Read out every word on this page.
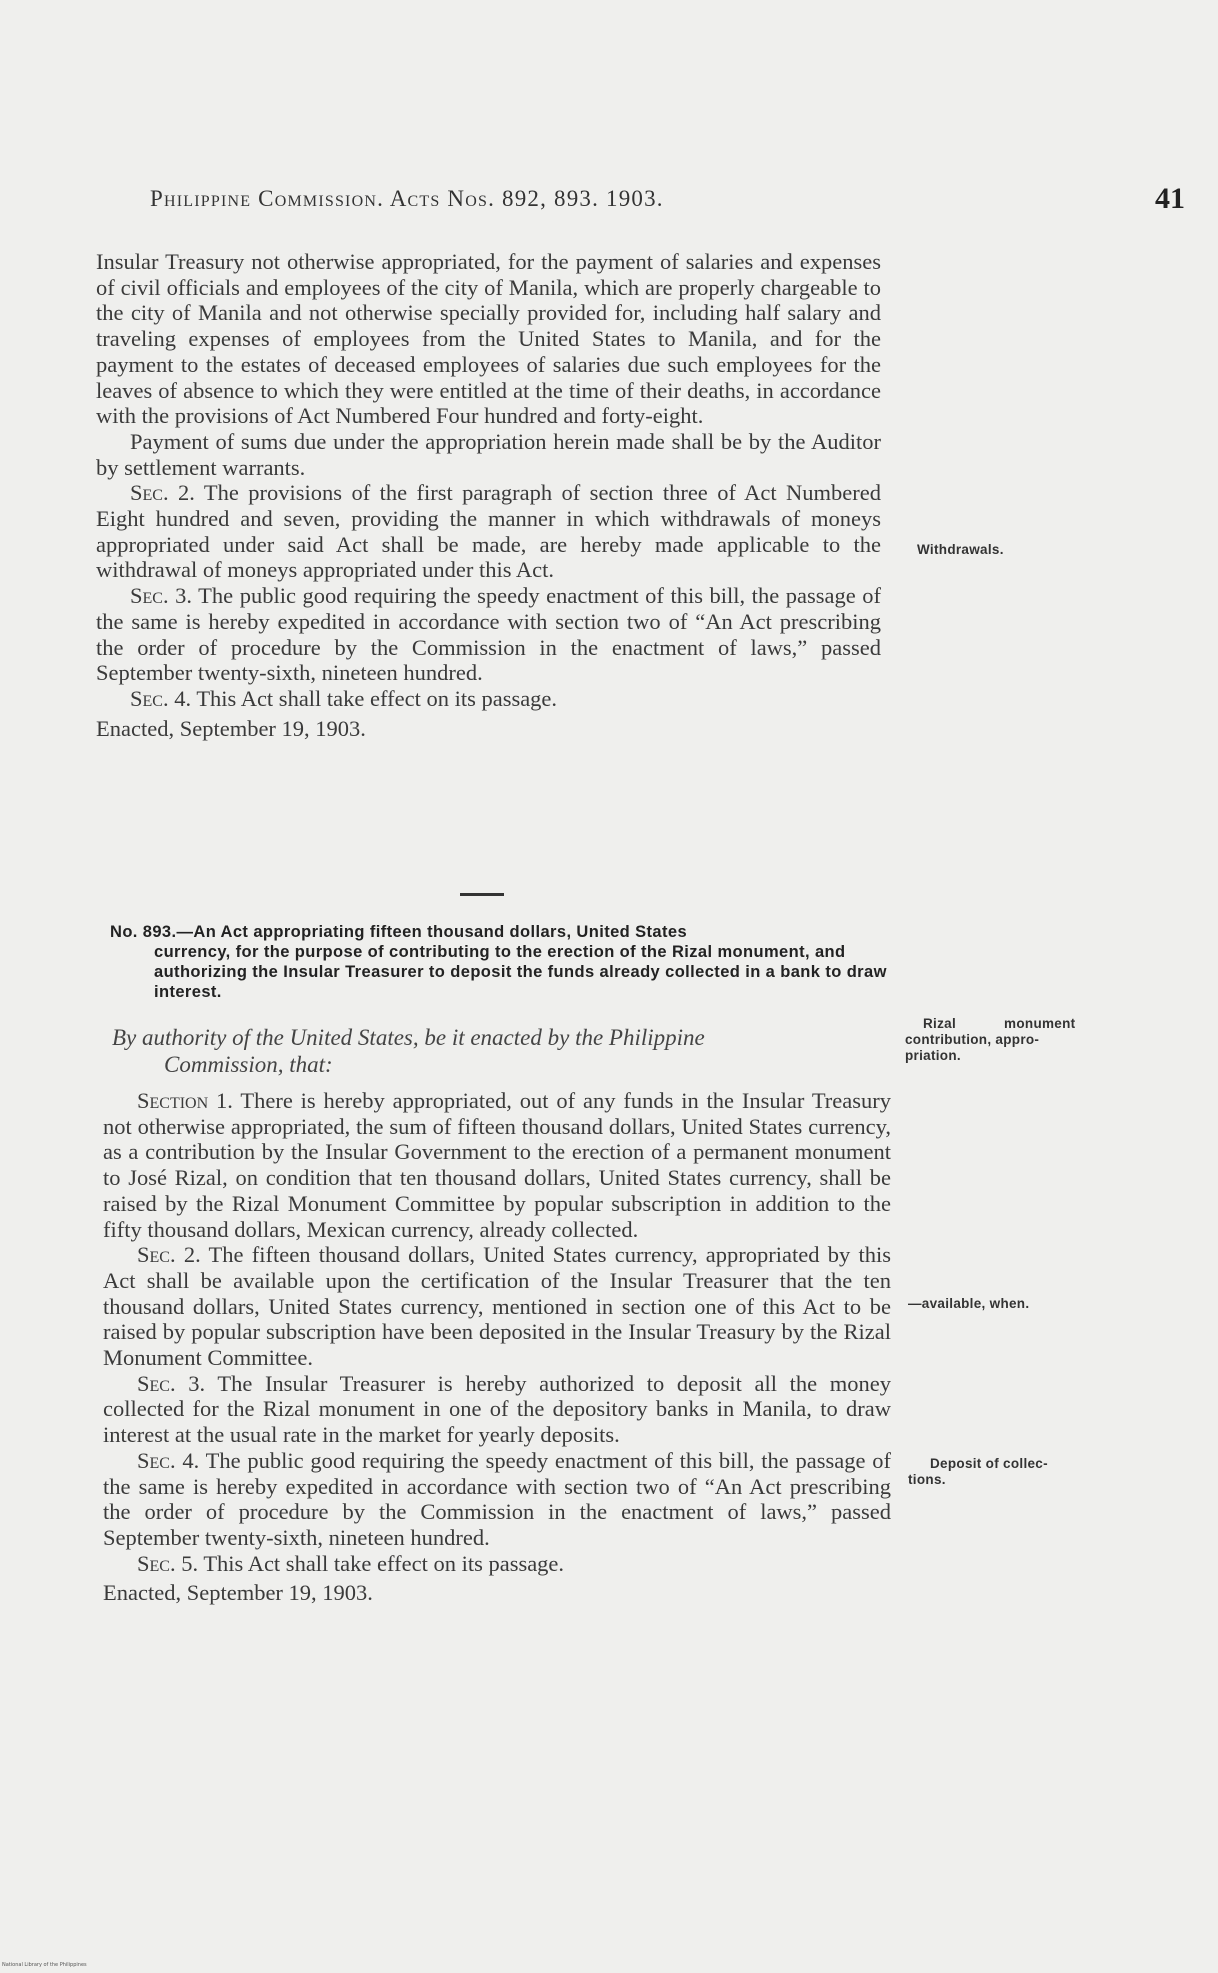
Philippine Commission. Acts Nos. 892, 893. 1903.	41

Insular Treasury not otherwise appropriated, for the payment of salaries and expenses of civil officials and employees of the city of Manila, which are properly chargeable to the city of Manila and not otherwise specially provided for, including half salary and traveling expenses of employees from the United States to Manila, and for the payment to the estates of deceased employees of salaries due such employees for the leaves of absence to which they were entitled at the time of their deaths, in accordance with the provisions of Act Numbered Four hundred and forty-eight.

Payment of sums due under the appropriation herein made shall be by the Auditor by settlement warrants.

Sec. 2. The provisions of the first paragraph of section three of Act Numbered Eight hundred and seven, providing the manner in which withdrawals of moneys appropriated under said Act shall be made, are hereby made applicable to the withdrawal of moneys appropriated under this Act.

Sec. 3. The public good requiring the speedy enactment of this bill, the passage of the same is hereby expedited in accordance with section two of “An Act prescribing the order of procedure by the Commission in the enactment of laws,” passed September twenty-sixth, nineteen hundred.

Sec. 4. This Act shall take effect on its passage.

Enacted, September 19, 1903.

No. 893.—An Act appropriating fifteen thousand dollars, United States
currency, for the purpose of contributing to the erection of the Rizal monument, and authorizing the Insular Treasurer to deposit the funds already collected in a bank to draw interest.
By authority of the United States, be it enacted by the Philippine
Commission, that:

Section 1. There is hereby appropriated, out of any funds in the Insular Treasury not otherwise appropriated, the sum of fifteen thousand dollars, United States currency, as a contribution by the Insular Government to the erection of a permanent monument to José Rizal, on condition that ten thousand dollars, United States currency, shall be raised by the Rizal Monument Committee by popular subscription in addition to the fifty thousand dollars, Mexican currency, already collected.

Sec. 2. The fifteen thousand dollars, United States currency, appropriated by this Act shall be available upon the certification of the Insular Treasurer that the ten thousand dollars, United States currency, mentioned in section one of this Act to be raised by popular subscription have been deposited in the Insular Treasury by the Rizal Monument Committee.

Sec. 3. The Insular Treasurer is hereby authorized to deposit all the money collected for the Rizal monument in one of the depository banks in Manila, to draw interest at the usual rate in the market for yearly deposits.

Sec. 4. The public good requiring the speedy enactment of this bill, the passage of the same is hereby expedited in accordance with section two of “An Act prescribing the order of procedure by the Commission in the enactment of laws,” passed September twenty-sixth, nineteen hundred.

Sec. 5. This Act shall take effect on its passage.

Enacted, September 19, 1903.

Withdrawals.
Rizal monument
contribution, appro-
priation.
—available, when.
Deposit of collec-
tions.
National Library of the Philippines
